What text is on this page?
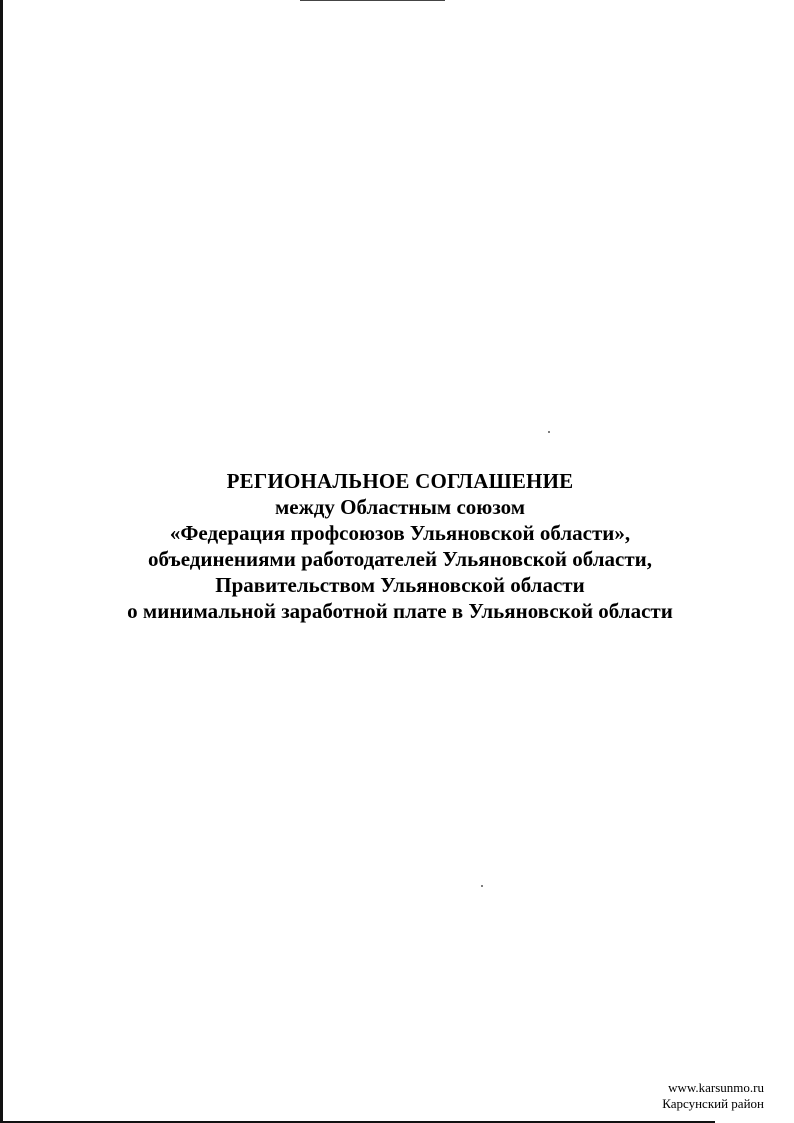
РЕГИОНАЛЬНОЕ СОГЛАШЕНИЕ
между Областным союзом
«Федерация профсоюзов Ульяновской области»,
объединениями работодателей Ульяновской области,
Правительством Ульяновской области
о минимальной заработной плате в Ульяновской области
www.karsunmo.ru
Карсунский район
